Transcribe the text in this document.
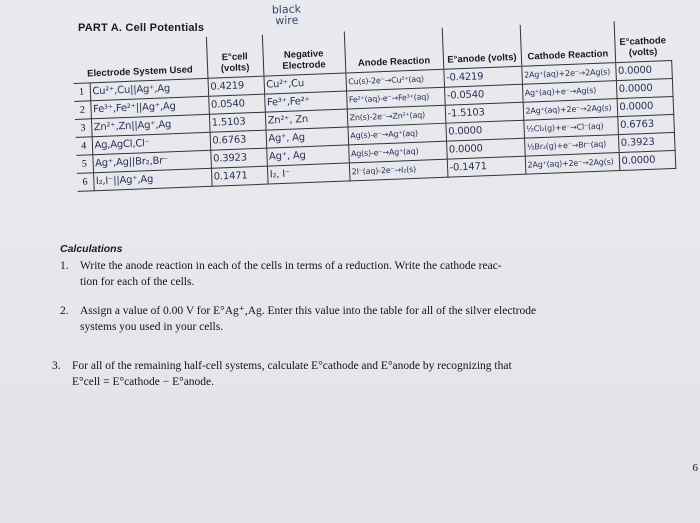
PART A. Cell Potentials
black
wire
Electrode System Used		E°cell (volts)	Negative Electrode	Anode Reaction	E°anode (volts)	Cathode Reaction	E°cathode (volts)
1	Cu²⁺,Cu||Ag⁺,Ag	0.4219	Cu²⁺,Cu	Cu(s)-2e⁻→Cu²⁺(aq)	-0.4219	2Ag⁺(aq)+2e⁻→2Ag(s)	0.0000
2	Fe³⁺,Fe²⁺||Ag⁺,Ag	0.0540	Fe³⁺,Fe²⁺	Fe²⁺(aq)-e⁻→Fe³⁺(aq)	-0.0540	Ag⁺(aq)+e⁻→Ag(s)	0.0000
3	Zn²⁺,Zn||Ag⁺,Ag	1.5103	Zn²⁺, Zn	Zn(s)-2e⁻→Zn²⁺(aq)	-1.5103	2Ag⁺(aq)+2e⁻→2Ag(s)	0.0000
4	Ag,AgCl,Cl⁻	0.6763	Ag⁺, Ag	Ag(s)-e⁻→Ag⁺(aq)	0.0000	½Cl₂(g)+e⁻→Cl⁻(aq)	0.6763
5	Ag⁺,Ag||Br₂,Br⁻	0.3923	Ag⁺, Ag	Ag(s)-e⁻→Ag⁺(aq)	0.0000	½Br₂(g)+e⁻→Br⁻(aq)	0.3923
6	I₂,I⁻||Ag⁺,Ag	0.1471	I₂, I⁻	2I⁻(aq)-2e⁻→I₂(s)	-0.1471	2Ag⁺(aq)+2e⁻→2Ag(s)	0.0000
Calculations
1. Write the anode reaction in each of the cells in terms of a reduction. Write the cathode reac-
tion for each of the cells.
2. Assign a value of 0.00 V for E°Ag⁺,Ag. Enter this value into the table for all of the silver electrode
systems you used in your cells.
3. For all of the remaining half-cell systems, calculate E°cathode and E°anode by recognizing that
E°cell = E°cathode − E°anode.
6
